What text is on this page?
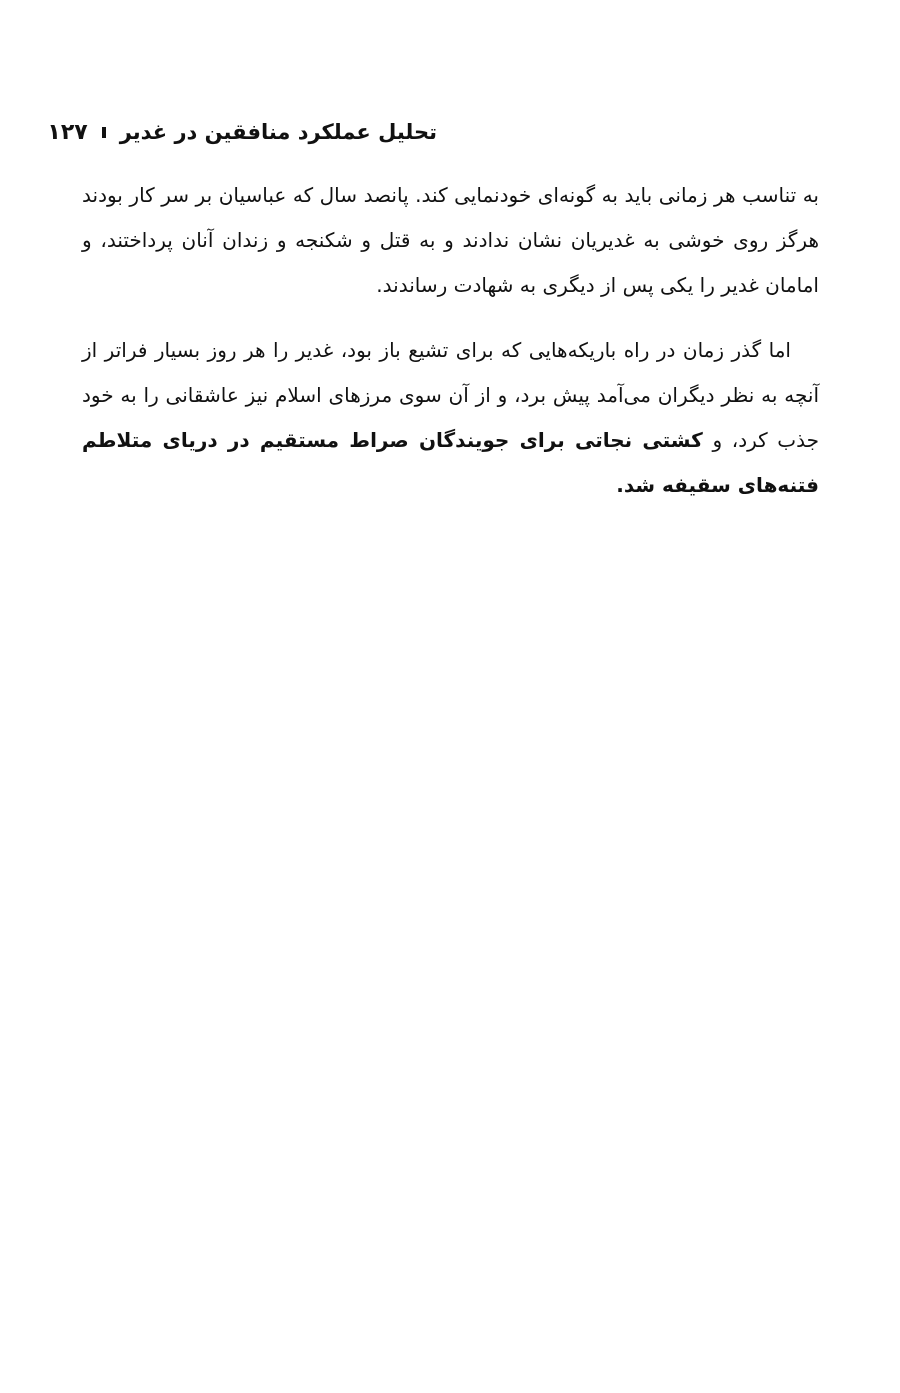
تحلیل عملکرد منافقین در غدیر
۱۲۷

به تناسب هر زمانی باید به گونه‌ای خودنمایی کند. پانصد سال که عباسیان بر سر کار بودند هرگز روی خوشی به غدیریان نشان ندادند و به قتل و شکنجه و زندان آنان پرداختند، و امامان غدیر را یکی پس از دیگری به شهادت رساندند.

اما گذر زمان در راه باریکه‌هایی که برای تشیع باز بود، غدیر را هر روز بسیار فراتر از آنچه به نظر دیگران می‌آمد پیش برد، و از آن سوی مرزهای اسلام نیز عاشقانی را به خود جذب کرد، و کشتی نجاتی برای جویندگان صراط مستقیم در دریای متلاطم فتنه‌های سقیفه شد.
